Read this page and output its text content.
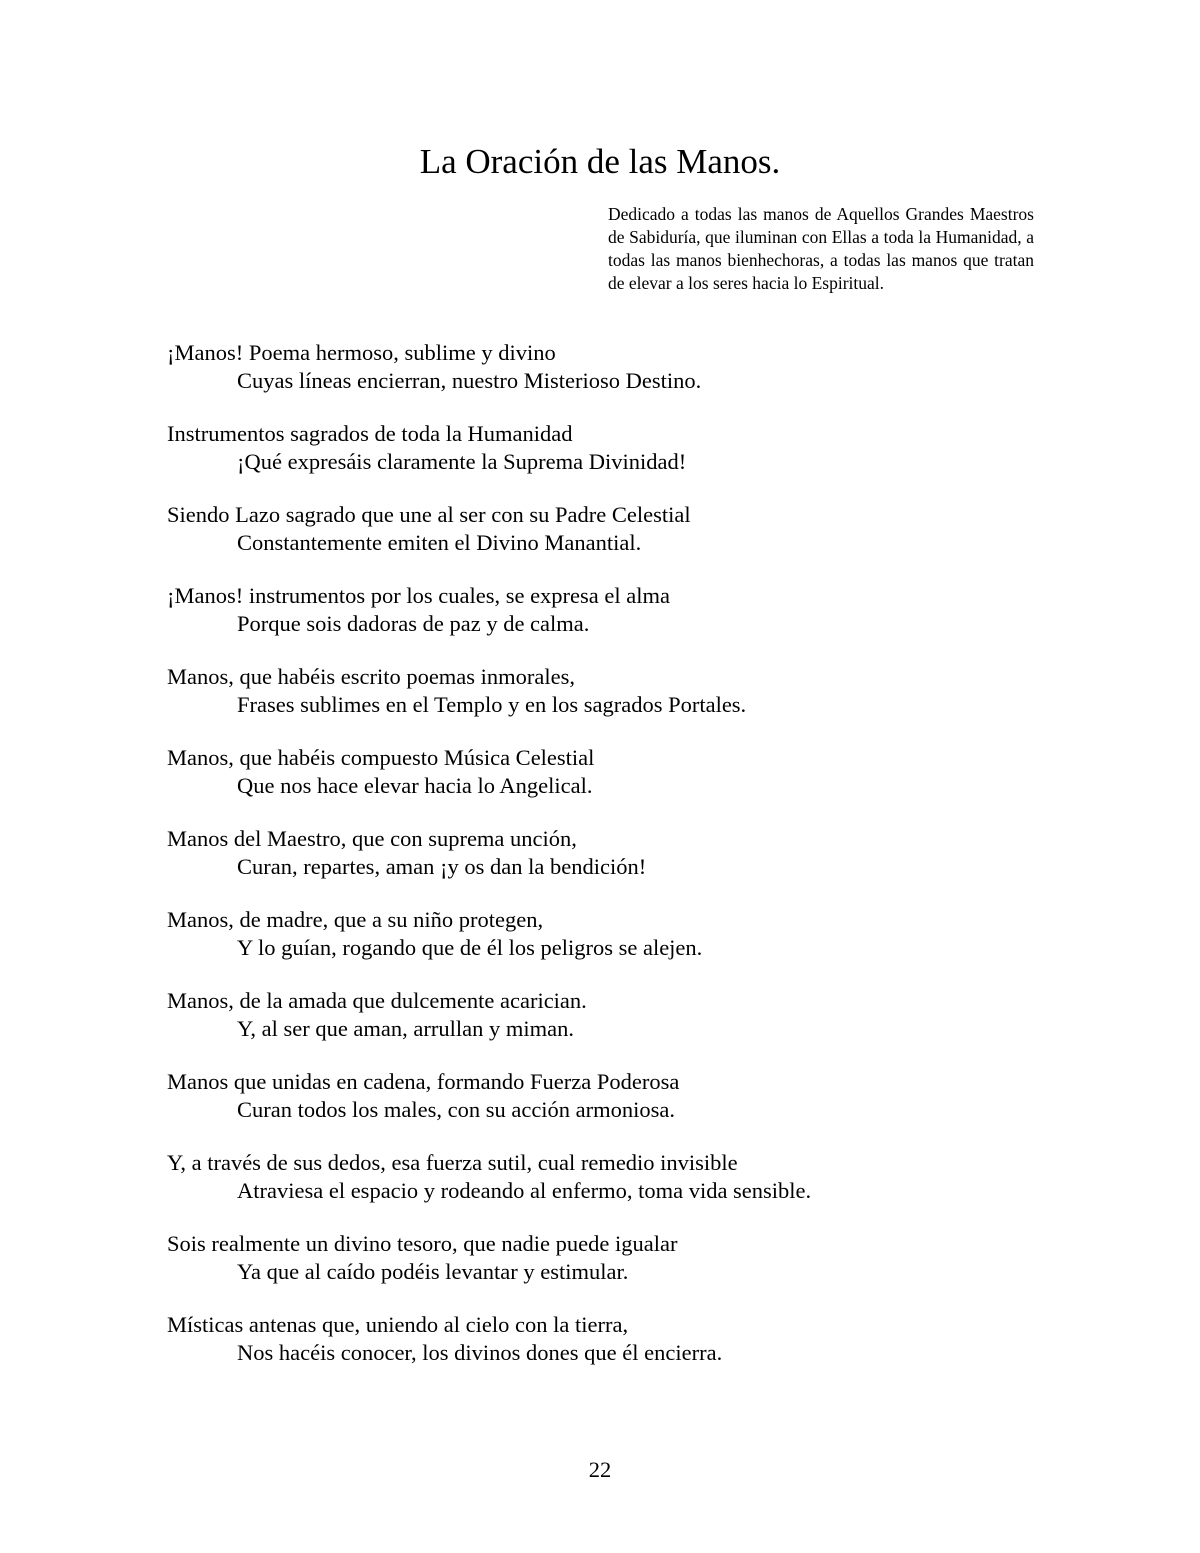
La Oración de las Manos.

Dedicado a todas las manos de Aquellos Grandes Maestros de Sabiduría, que iluminan con Ellas a toda la Humanidad, a todas las manos bienhechoras, a todas las manos que tratan de elevar a los seres hacia lo Espiritual.

¡Manos! Poema hermoso, sublime y divino
Cuyas líneas encierran, nuestro Misterioso Destino.
Instrumentos sagrados de toda la Humanidad
¡Qué expresáis claramente la Suprema Divinidad!
Siendo Lazo sagrado que une al ser con su Padre Celestial
Constantemente emiten el Divino Manantial.
¡Manos! instrumentos por los cuales, se expresa el alma
Porque sois dadoras de paz y de calma.
Manos, que habéis escrito poemas inmorales,
Frases sublimes en el Templo y en los sagrados Portales.
Manos, que habéis compuesto Música Celestial
Que nos hace elevar hacia lo Angelical.
Manos del Maestro, que con suprema unción,
Curan, repartes, aman ¡y os dan la bendición!
Manos, de madre, que a su niño protegen,
Y lo guían, rogando que de él los peligros se alejen.
Manos, de la amada que dulcemente acarician.
Y, al ser que aman, arrullan y miman.
Manos que unidas en cadena, formando Fuerza Poderosa
Curan todos los males, con su acción armoniosa.
Y, a través de sus dedos, esa fuerza sutil, cual remedio invisible
Atraviesa el espacio y rodeando al enfermo, toma vida sensible.
Sois realmente un divino tesoro, que nadie puede igualar
Ya que al caído podéis levantar y estimular.
Místicas antenas que, uniendo al cielo con la tierra,
Nos hacéis conocer, los divinos dones que él encierra.
22
